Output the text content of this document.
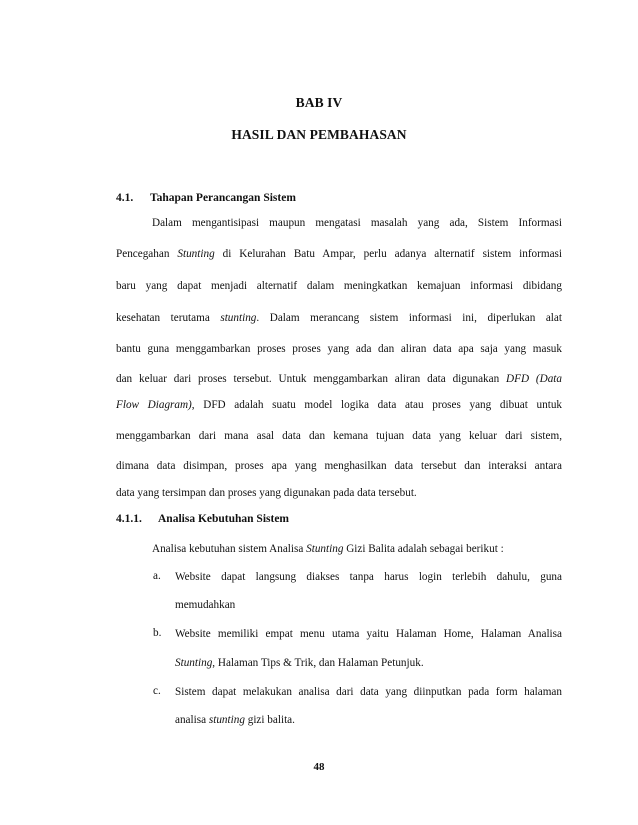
BAB IV
HASIL DAN PEMBAHASAN
4.1. Tahapan Perancangan Sistem
Dalam mengantisipasi maupun mengatasi masalah yang ada, Sistem Informasi
Pencegahan Stunting di Kelurahan Batu Ampar, perlu adanya alternatif sistem informasi
baru yang dapat menjadi alternatif dalam meningkatkan kemajuan informasi dibidang
kesehatan terutama stunting. Dalam merancang sistem informasi ini, diperlukan alat
bantu guna menggambarkan proses proses yang ada dan aliran data apa saja yang masuk
dan keluar dari proses tersebut. Untuk menggambarkan aliran data digunakan DFD (Data
Flow Diagram), DFD adalah suatu model logika data atau proses yang dibuat untuk
menggambarkan dari mana asal data dan kemana tujuan data yang keluar dari sistem,
dimana data disimpan, proses apa yang menghasilkan data tersebut dan interaksi antara
data yang tersimpan dan proses yang digunakan pada data tersebut.
4.1.1. Analisa Kebutuhan Sistem
Analisa kebutuhan sistem Analisa Stunting Gizi Balita adalah sebagai berikut :
a.	Website dapat langsung diakses tanpa harus login terlebih dahulu, guna
memudahkan
b.	Website memiliki empat menu utama yaitu Halaman Home, Halaman Analisa
Stunting, Halaman Tips & Trik, dan Halaman Petunjuk.
c.	Sistem dapat melakukan analisa dari data yang diinputkan pada form halaman
analisa stunting gizi balita.
48
